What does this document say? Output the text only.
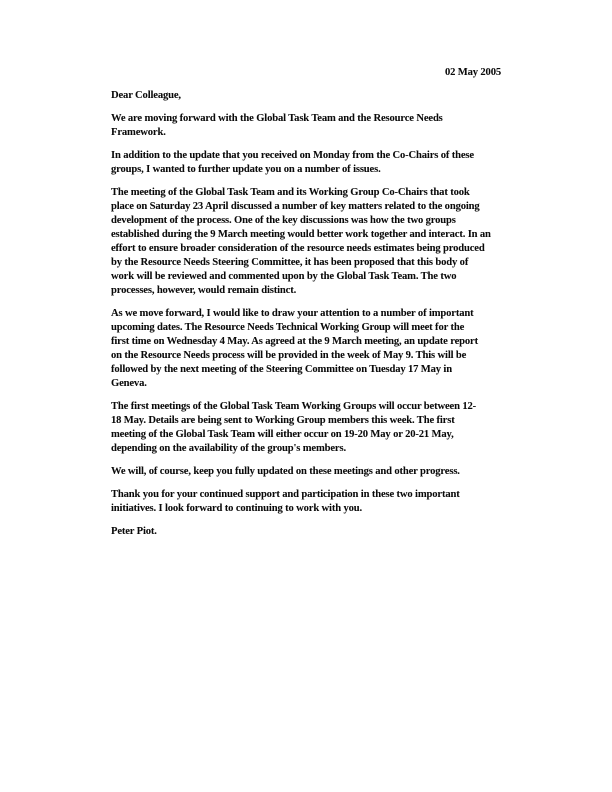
02 May 2005
Dear Colleague,
We are moving forward with the Global Task Team and the Resource Needs
Framework.
In addition to the update that you received on Monday from the Co-Chairs of these
groups, I wanted to further update you on a number of issues.
The meeting of the Global Task Team and its Working Group Co-Chairs that took
place on Saturday 23 April discussed a number of key matters related to the ongoing
development of the process. One of the key discussions was how the two groups
established during the 9 March meeting would better work together and interact. In an
effort to ensure broader consideration of the resource needs estimates being produced
by the Resource Needs Steering Committee, it has been proposed that this body of
work will be reviewed and commented upon by the Global Task Team. The two
processes, however, would remain distinct.
As we move forward, I would like to draw your attention to a number of important
upcoming dates. The Resource Needs Technical Working Group will meet for the
first time on Wednesday 4 May. As agreed at the 9 March meeting, an update report
on the Resource Needs process will be provided in the week of May 9. This will be
followed by the next meeting of the Steering Committee on Tuesday 17 May in
Geneva.
The first meetings of the Global Task Team Working Groups will occur between 12-
18 May. Details are being sent to Working Group members this week. The first
meeting of the Global Task Team will either occur on 19-20 May or 20-21 May,
depending on the availability of the group's members.
We will, of course, keep you fully updated on these meetings and other progress.
Thank you for your continued support and participation in these two important
initiatives. I look forward to continuing to work with you.
Peter Piot.
